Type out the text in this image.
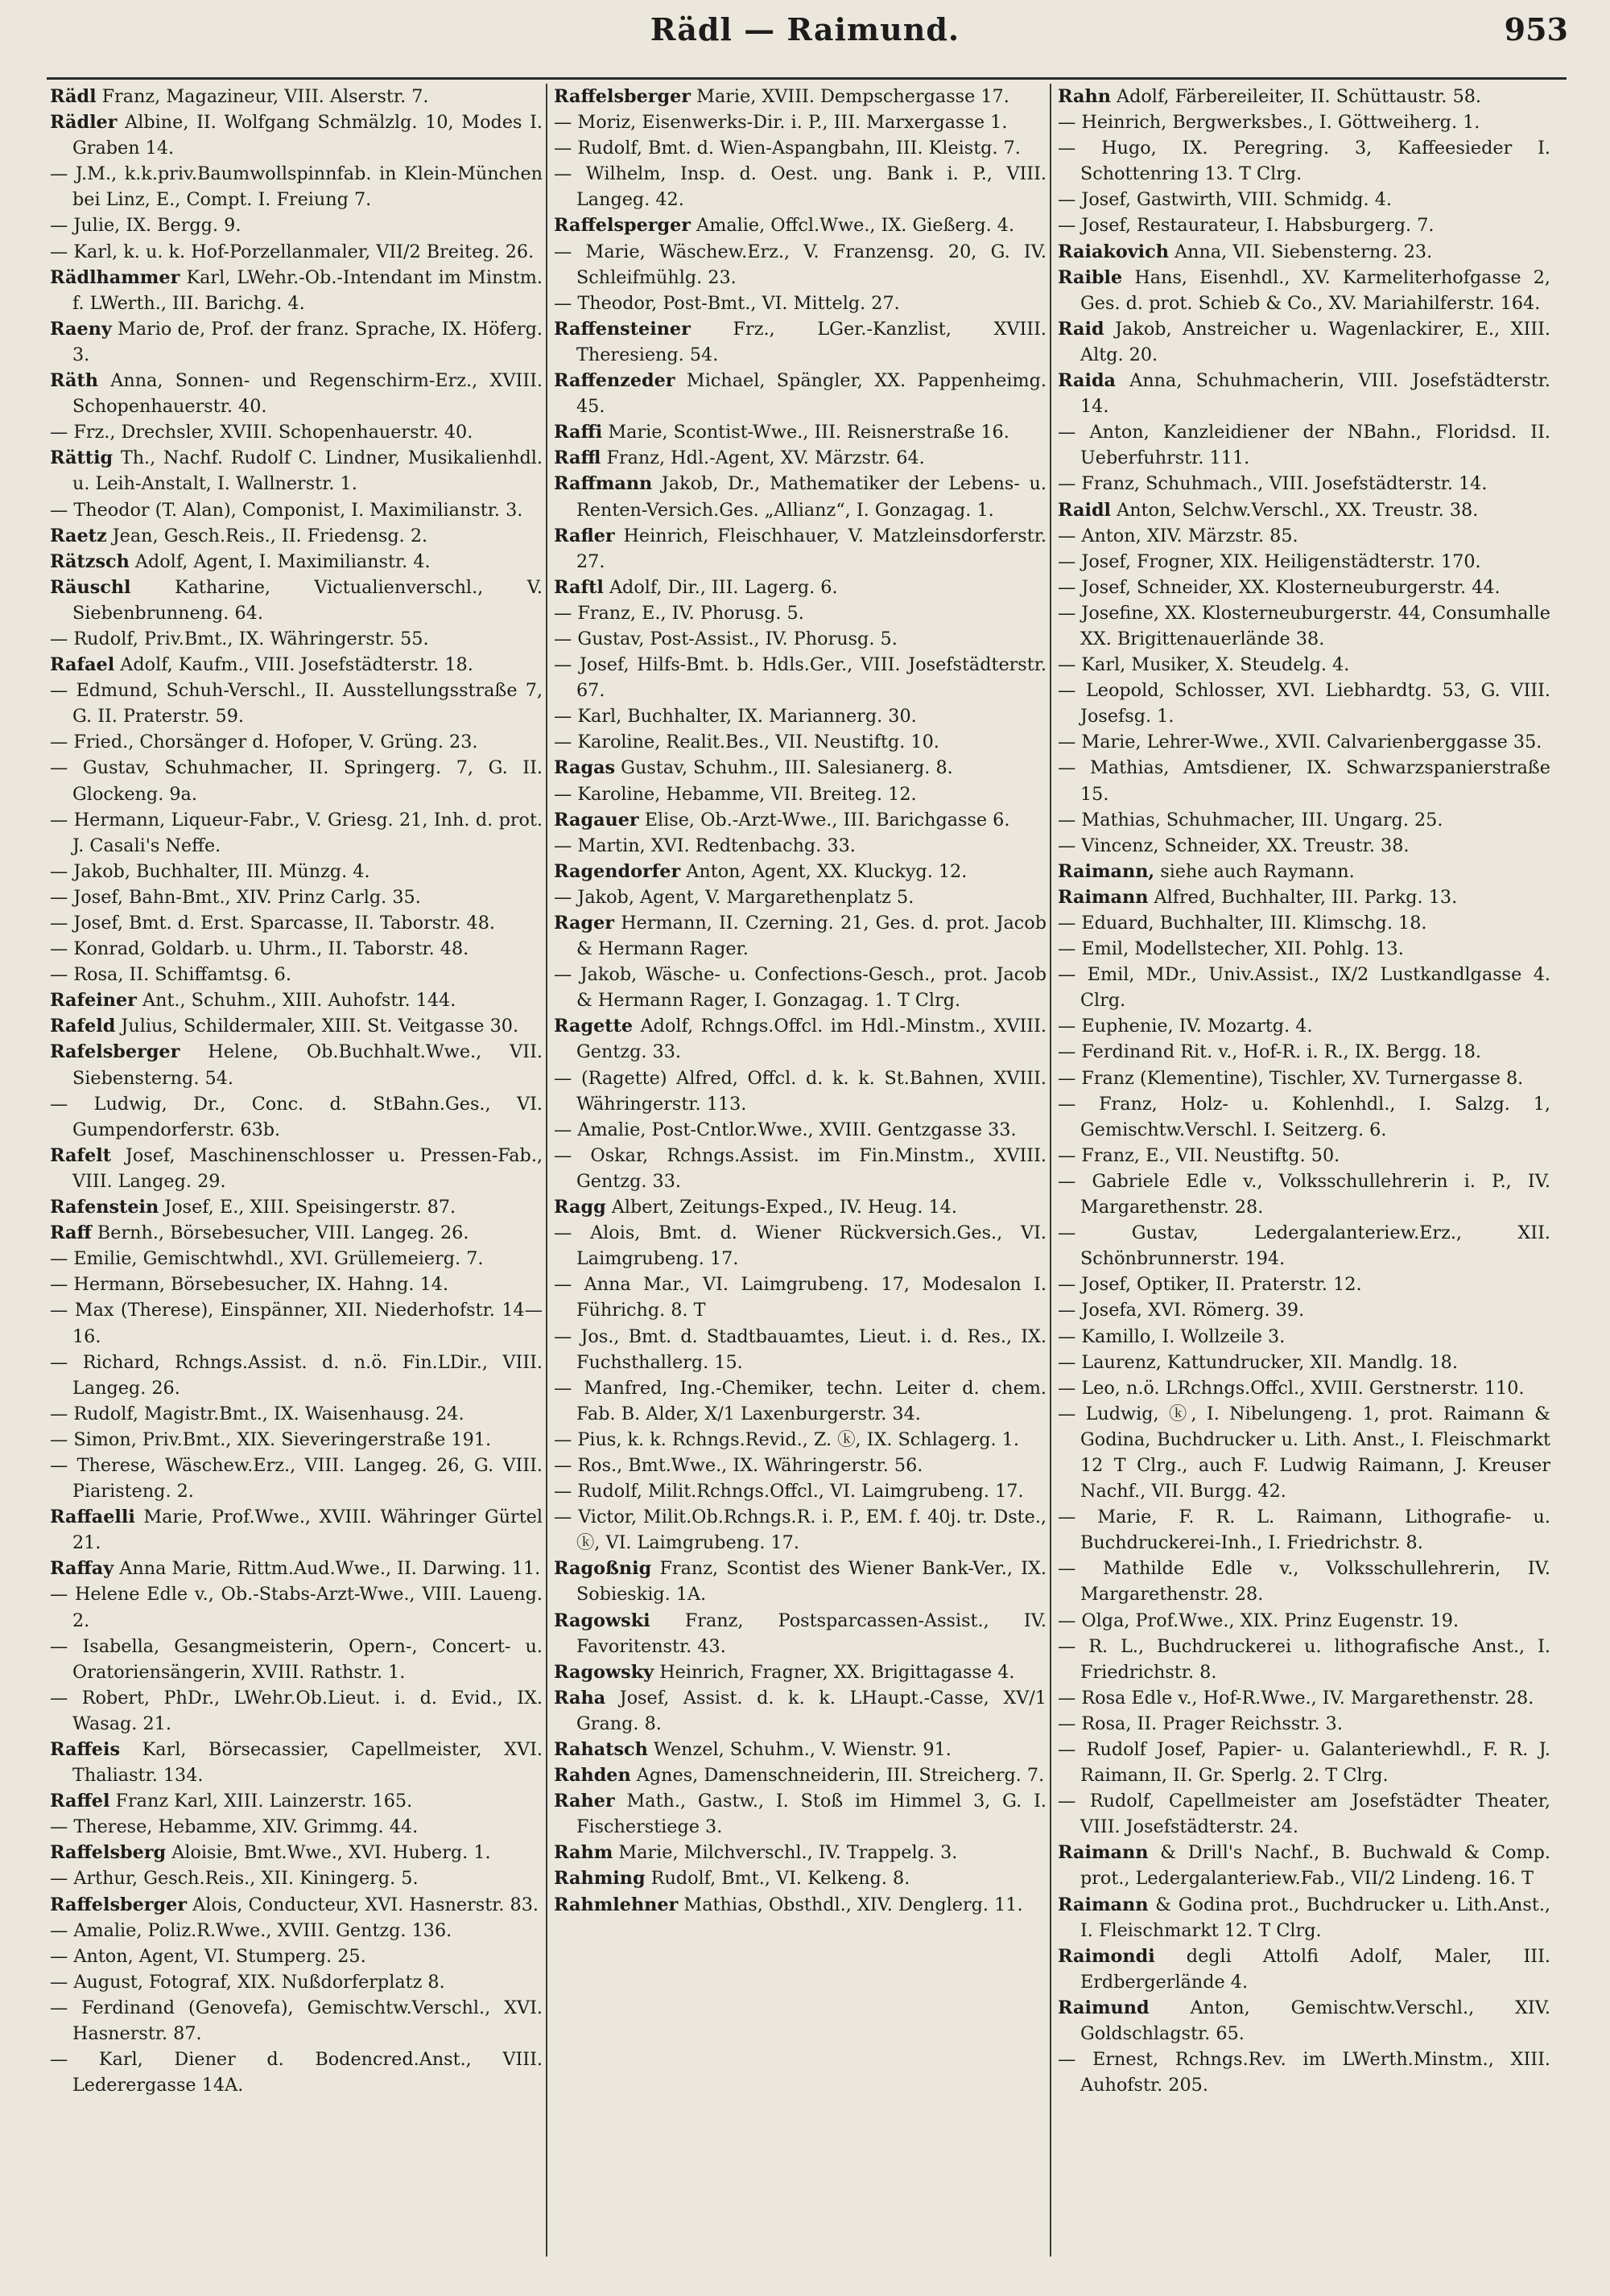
Rädl — Raimund.	953
Rädl Franz, Magazineur, VIII. Alserstr. 7.
Rädler Albine, II. Wolfgang Schmälzlg. 10, Modes I. Graben 14.
— J.M., k.k.priv.Baumwollspinnfab. in Klein-München bei Linz, E., Compt. I. Freiung 7.
— Julie, IX. Bergg. 9.
— Karl, k. u. k. Hof-Porzellanmaler, VII/2 Breiteg. 26.
Rädlhammer Karl, LWehr.-Ob.-Intendant im Minstm. f. LWerth., III. Barichg. 4.
Raeny Mario de, Prof. der franz. Sprache, IX. Höferg. 3.
Räth Anna, Sonnen- und Regenschirm-Erz., XVIII. Schopenhauerstr. 40.
— Frz., Drechsler, XVIII. Schopenhauerstr. 40.
Rättig Th., Nachf. Rudolf C. Lindner, Musikalienhdl. u. Leih-Anstalt, I. Wallnerstr. 1.
— Theodor (T. Alan), Componist, I. Maximilianstr. 3.
Raetz Jean, Gesch.Reis., II. Friedensg. 2.
Rätzsch Adolf, Agent, I. Maximilianstr. 4.
Räuschl Katharine, Victualienverschl., V. Siebenbrunneng. 64.
— Rudolf, Priv.Bmt., IX. Währingerstr. 55.
Rafael Adolf, Kaufm., VIII. Josefstädterstr. 18.
— Edmund, Schuh-Verschl., II. Ausstellungsstraße 7, G. II. Praterstr. 59.
— Fried., Chorsänger d. Hofoper, V. Grüng. 23.
— Gustav, Schuhmacher, II. Springerg. 7, G. II. Glockeng. 9a.
— Hermann, Liqueur-Fabr., V. Griesg. 21, Inh. d. prot. J. Casali's Neffe.
— Jakob, Buchhalter, III. Münzg. 4.
— Josef, Bahn-Bmt., XIV. Prinz Carlg. 35.
— Josef, Bmt. d. Erst. Sparcasse, II. Taborstr. 48.
— Konrad, Goldarb. u. Uhrm., II. Taborstr. 48.
— Rosa, II. Schiffamtsg. 6.
Rafeiner Ant., Schuhm., XIII. Auhofstr. 144.
Rafeld Julius, Schildermaler, XIII. St. Veitgasse 30.
Rafelsberger Helene, Ob.Buchhalt.Wwe., VII. Siebensterng. 54.
— Ludwig, Dr., Conc. d. StBahn.Ges., VI. Gumpendorferstr. 63b.
Rafelt Josef, Maschinenschlosser u. Pressen-Fab., VIII. Langeg. 29.
Rafenstein Josef, E., XIII. Speisingerstr. 87.
Raff Bernh., Börsebesucher, VIII. Langeg. 26.
— Emilie, Gemischtwhdl., XVI. Grüllemeierg. 7.
— Hermann, Börsebesucher, IX. Hahng. 14.
— Max (Therese), Einspänner, XII. Niederhofstr. 14—16.
— Richard, Rchngs.Assist. d. n.ö. Fin.LDir., VIII. Langeg. 26.
— Rudolf, Magistr.Bmt., IX. Waisenhausg. 24.
— Simon, Priv.Bmt., XIX. Sieveringerstraße 191.
— Therese, Wäschew.Erz., VIII. Langeg. 26, G. VIII. Piaristeng. 2.
Raffaelli Marie, Prof.Wwe., XVIII. Währinger Gürtel 21.
Raffay Anna Marie, Rittm.Aud.Wwe., II. Darwing. 11.
— Helene Edle v., Ob.-Stabs-Arzt-Wwe., VIII. Laueng. 2.
— Isabella, Gesangmeisterin, Opern-, Concert- u. Oratoriensängerin, XVIII. Rathstr. 1.
— Robert, PhDr., LWehr.Ob.Lieut. i. d. Evid., IX. Wasag. 21.
Raffeis Karl, Börsecassier, Capellmeister, XVI. Thaliastr. 134.
Raffel Franz Karl, XIII. Lainzerstr. 165.
— Therese, Hebamme, XIV. Grimmg. 44.
Raffelsberg Aloisie, Bmt.Wwe., XVI. Huberg. 1.
— Arthur, Gesch.Reis., XII. Kiningerg. 5.
Raffelsberger Alois, Conducteur, XVI. Hasnerstr. 83.
— Amalie, Poliz.R.Wwe., XVIII. Gentzg. 136.
— Anton, Agent, VI. Stumperg. 25.
— August, Fotograf, XIX. Nußdorferplatz 8.
— Ferdinand (Genovefa), Gemischtw.Verschl., XVI. Hasnerstr. 87.
— Karl, Diener d. Bodencred.Anst., VIII. Lederergasse 14A.
Raffelsberger Marie, XVIII. Dempschergasse 17.
— Moriz, Eisenwerks-Dir. i. P., III. Marxergasse 1.
— Rudolf, Bmt. d. Wien-Aspangbahn, III. Kleistg. 7.
— Wilhelm, Insp. d. Oest. ung. Bank i. P., VIII. Langeg. 42.
Raffelsperger Amalie, Offcl.Wwe., IX. Gießerg. 4.
— Marie, Wäschew.Erz., V. Franzensg. 20, G. IV. Schleifmühlg. 23.
— Theodor, Post-Bmt., VI. Mittelg. 27.
Raffensteiner Frz., LGer.-Kanzlist, XVIII. Theresieng. 54.
Raffenzeder Michael, Spängler, XX. Pappenheimg. 45.
Raffi Marie, Scontist-Wwe., III. Reisnerstraße 16.
Raffl Franz, Hdl.-Agent, XV. Märzstr. 64.
Raffmann Jakob, Dr., Mathematiker der Lebens- u. Renten-Versich.Ges. „Allianz“, I. Gonzagag. 1.
Rafler Heinrich, Fleischhauer, V. Matzleinsdorferstr. 27.
Raftl Adolf, Dir., III. Lagerg. 6.
— Franz, E., IV. Phorusg. 5.
— Gustav, Post-Assist., IV. Phorusg. 5.
— Josef, Hilfs-Bmt. b. Hdls.Ger., VIII. Josefstädterstr. 67.
— Karl, Buchhalter, IX. Mariannerg. 30.
— Karoline, Realit.Bes., VII. Neustiftg. 10.
Ragas Gustav, Schuhm., III. Salesianerg. 8.
— Karoline, Hebamme, VII. Breiteg. 12.
Ragauer Elise, Ob.-Arzt-Wwe., III. Barichgasse 6.
— Martin, XVI. Redtenbachg. 33.
Ragendorfer Anton, Agent, XX. Kluckyg. 12.
— Jakob, Agent, V. Margarethenplatz 5.
Rager Hermann, II. Czerning. 21, Ges. d. prot. Jacob & Hermann Rager.
— Jakob, Wäsche- u. Confections-Gesch., prot. Jacob & Hermann Rager, I. Gonzagag. 1. T Clrg.
Ragette Adolf, Rchngs.Offcl. im Hdl.-Minstm., XVIII. Gentzg. 33.
— (Ragette) Alfred, Offcl. d. k. k. St.Bahnen, XVIII. Währingerstr. 113.
— Amalie, Post-Cntlor.Wwe., XVIII. Gentzgasse 33.
— Oskar, Rchngs.Assist. im Fin.Minstm., XVIII. Gentzg. 33.
Ragg Albert, Zeitungs-Exped., IV. Heug. 14.
— Alois, Bmt. d. Wiener Rückversich.Ges., VI. Laimgrubeng. 17.
— Anna Mar., VI. Laimgrubeng. 17, Modesalon I. Führichg. 8. T
— Jos., Bmt. d. Stadtbauamtes, Lieut. i. d. Res., IX. Fuchsthallerg. 15.
— Manfred, Ing.-Chemiker, techn. Leiter d. chem. Fab. B. Alder, X/1 Laxenburgerstr. 34.
— Pius, k. k. Rchngs.Revid., Z. ⓚ, IX. Schlagerg. 1.
— Ros., Bmt.Wwe., IX. Währingerstr. 56.
— Rudolf, Milit.Rchngs.Offcl., VI. Laimgrubeng. 17.
— Victor, Milit.Ob.Rchngs.R. i. P., EM. f. 40j. tr. Dste., ⓚ, VI. Laimgrubeng. 17.
Ragoßnig Franz, Scontist des Wiener Bank-Ver., IX. Sobieskig. 1A.
Ragowski Franz, Postsparcassen-Assist., IV. Favoritenstr. 43.
Ragowsky Heinrich, Fragner, XX. Brigittagasse 4.
Raha Josef, Assist. d. k. k. LHaupt.-Casse, XV/1 Grang. 8.
Rahatsch Wenzel, Schuhm., V. Wienstr. 91.
Rahden Agnes, Damenschneiderin, III. Streicherg. 7.
Raher Math., Gastw., I. Stoß im Himmel 3, G. I. Fischerstiege 3.
Rahm Marie, Milchverschl., IV. Trappelg. 3.
Rahming Rudolf, Bmt., VI. Kelkeng. 8.
Rahmlehner Mathias, Obsthdl., XIV. Denglerg. 11.
Rahn Adolf, Färbereileiter, II. Schüttaustr. 58.
— Heinrich, Bergwerksbes., I. Göttweiherg. 1.
— Hugo, IX. Peregring. 3, Kaffeesieder I. Schottenring 13. T Clrg.
— Josef, Gastwirth, VIII. Schmidg. 4.
— Josef, Restaurateur, I. Habsburgerg. 7.
Raiakovich Anna, VII. Siebensterng. 23.
Raible Hans, Eisenhdl., XV. Karmeliterhofgasse 2, Ges. d. prot. Schieb & Co., XV. Mariahilferstr. 164.
Raid Jakob, Anstreicher u. Wagenlackirer, E., XIII. Altg. 20.
Raida Anna, Schuhmacherin, VIII. Josefstädterstr. 14.
— Anton, Kanzleidiener der NBahn., Floridsd. II. Ueberfuhrstr. 111.
— Franz, Schuhmach., VIII. Josefstädterstr. 14.
Raidl Anton, Selchw.Verschl., XX. Treustr. 38.
— Anton, XIV. Märzstr. 85.
— Josef, Frogner, XIX. Heiligenstädterstr. 170.
— Josef, Schneider, XX. Klosterneuburgerstr. 44.
— Josefine, XX. Klosterneuburgerstr. 44, Consumhalle XX. Brigittenauerlände 38.
— Karl, Musiker, X. Steudelg. 4.
— Leopold, Schlosser, XVI. Liebhardtg. 53, G. VIII. Josefsg. 1.
— Marie, Lehrer-Wwe., XVII. Calvarienberggasse 35.
— Mathias, Amtsdiener, IX. Schwarzspanierstraße 15.
— Mathias, Schuhmacher, III. Ungarg. 25.
— Vincenz, Schneider, XX. Treustr. 38.
Raimann, siehe auch Raymann.
Raimann Alfred, Buchhalter, III. Parkg. 13.
— Eduard, Buchhalter, III. Klimschg. 18.
— Emil, Modellstecher, XII. Pohlg. 13.
— Emil, MDr., Univ.Assist., IX/2 Lustkandlgasse 4. Clrg.
— Euphenie, IV. Mozartg. 4.
— Ferdinand Rit. v., Hof-R. i. R., IX. Bergg. 18.
— Franz (Klementine), Tischler, XV. Turnergasse 8.
— Franz, Holz- u. Kohlenhdl., I. Salzg. 1, Gemischtw.Verschl. I. Seitzerg. 6.
— Franz, E., VII. Neustiftg. 50.
— Gabriele Edle v., Volksschullehrerin i. P., IV. Margarethenstr. 28.
— Gustav, Ledergalanteriew.Erz., XII. Schönbrunnerstr. 194.
— Josef, Optiker, II. Praterstr. 12.
— Josefa, XVI. Römerg. 39.
— Kamillo, I. Wollzeile 3.
— Laurenz, Kattundrucker, XII. Mandlg. 18.
— Leo, n.ö. LRchngs.Offcl., XVIII. Gerstnerstr. 110.
— Ludwig, ⓚ, I. Nibelungeng. 1, prot. Raimann & Godina, Buchdrucker u. Lith. Anst., I. Fleischmarkt 12 T Clrg., auch F. Ludwig Raimann, J. Kreuser Nachf., VII. Burgg. 42.
— Marie, F. R. L. Raimann, Lithografie- u. Buchdruckerei-Inh., I. Friedrichstr. 8.
— Mathilde Edle v., Volksschullehrerin, IV. Margarethenstr. 28.
— Olga, Prof.Wwe., XIX. Prinz Eugenstr. 19.
— R. L., Buchdruckerei u. lithografische Anst., I. Friedrichstr. 8.
— Rosa Edle v., Hof-R.Wwe., IV. Margarethenstr. 28.
— Rosa, II. Prager Reichsstr. 3.
— Rudolf Josef, Papier- u. Galanteriewhdl., F. R. J. Raimann, II. Gr. Sperlg. 2. T Clrg.
— Rudolf, Capellmeister am Josefstädter Theater, VIII. Josefstädterstr. 24.
Raimann & Drill's Nachf., B. Buchwald & Comp. prot., Ledergalanteriew.Fab., VII/2 Lindeng. 16. T
Raimann & Godina prot., Buchdrucker u. Lith.Anst., I. Fleischmarkt 12. T Clrg.
Raimondi degli Attolfi Adolf, Maler, III. Erdbergerlände 4.
Raimund Anton, Gemischtw.Verschl., XIV. Goldschlagstr. 65.
— Ernest, Rchngs.Rev. im LWerth.Minstm., XIII. Auhofstr. 205.
